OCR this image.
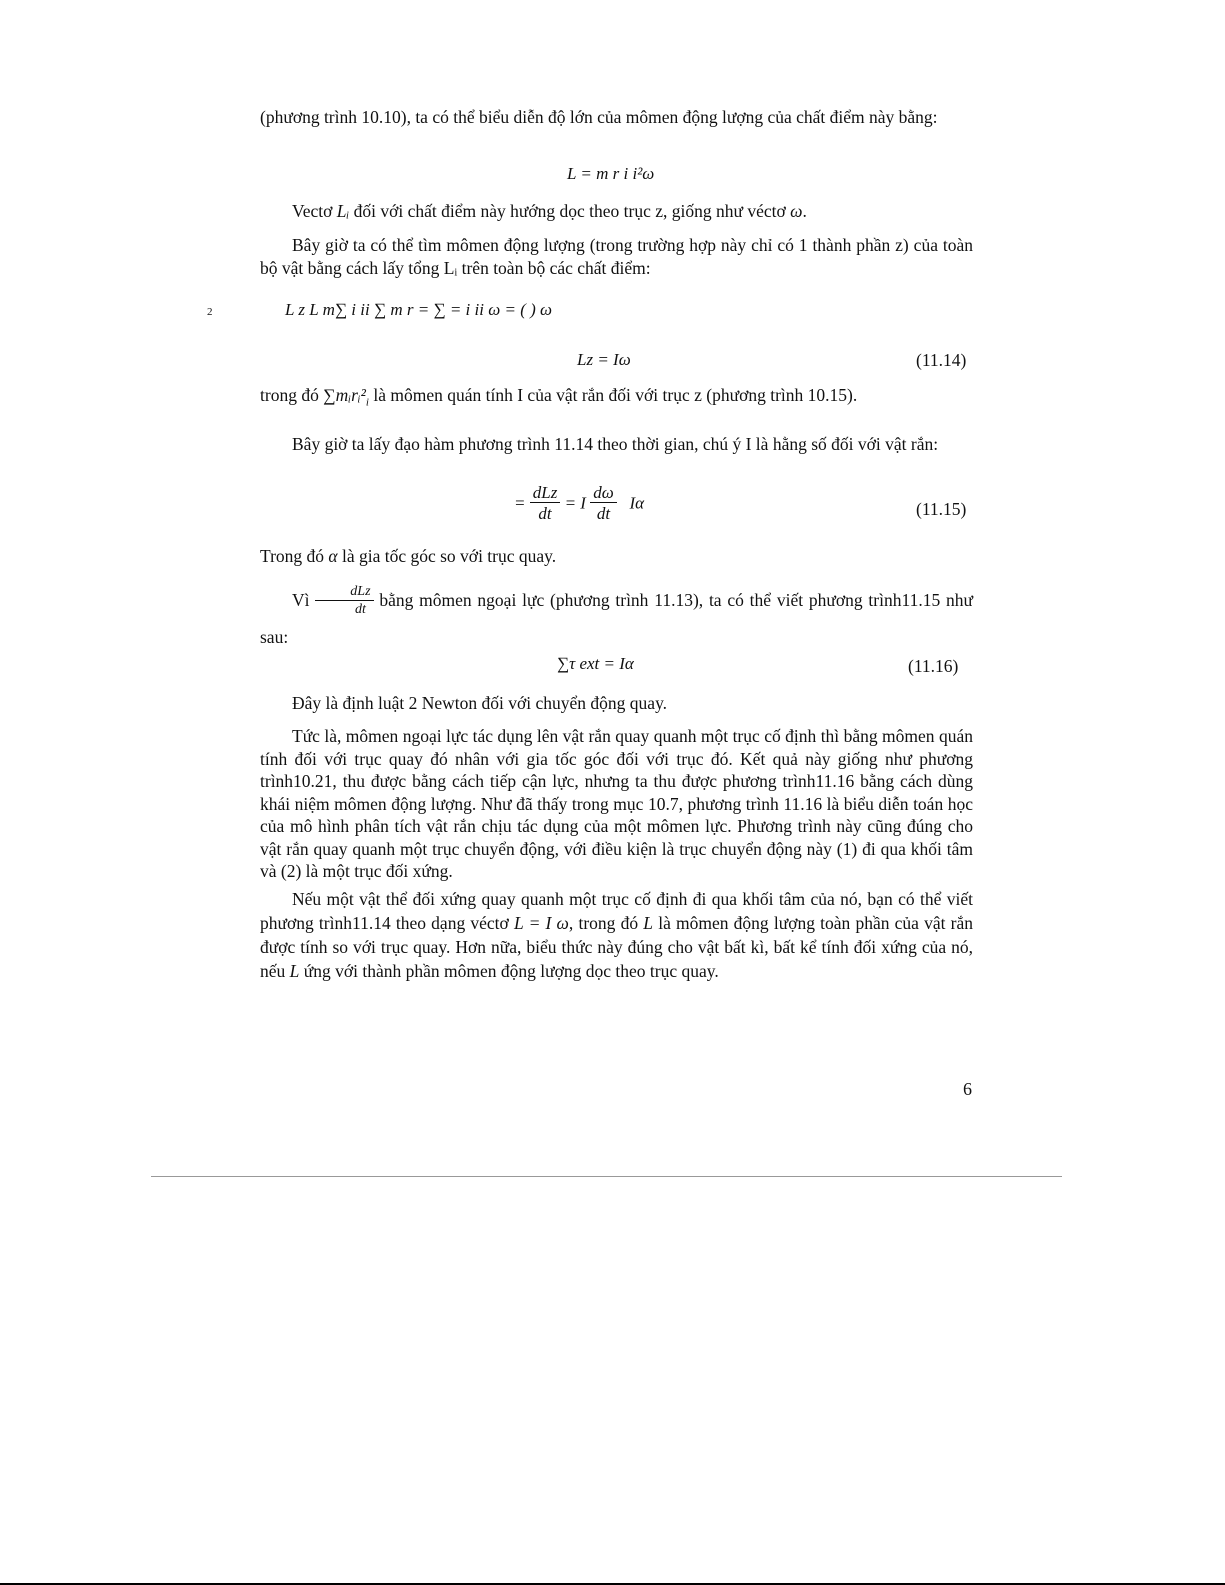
(phương trình 10.10), ta có thể biểu diễn độ lớn của mômen động lượng của chất điểm này bằng:

L = m r i i²ω

Vectơ Lᵢ đối với chất điểm này hướng dọc theo trục z, giống như véctơ ω.

Bây giờ ta có thể tìm mômen động lượng (trong trường hợp này chỉ có 1 thành phần z) của toàn bộ vật bằng cách lấy tổng Lᵢ trên toàn bộ các chất điểm:

2	L z L m∑ i ii ∑ m r = ∑ = i ii ω = ( ) ω
Lz = Iω	(11.14)

trong đó $\sum mᵢrᵢ^2_i$ là mômen quán tính I của vật rắn đối với trục z (phương trình 10.15).

Bây giờ ta lấy đạo hàm phương trình 11.14 theo thời gian, chú ý I là hằng số đối với vật rắn:

= $\frac{\text{dLz}}{dt} = I \frac{d\omega}{dt}$ Iα	(11.15)

Trong đó α là gia tốc góc so với trục quay.

Vì $\frac{\text{dLz}}{dt}$ bằng mômen ngoại lực (phương trình 11.13), ta có thể viết phương trình11.15 như sau:

∑τ ext = Iα	(11.16)

Đây là định luật 2 Newton đối với chuyển động quay.

Tức là, mômen ngoại lực tác dụng lên vật rắn quay quanh một trục cố định thì bằng mômen quán tính đối với trục quay đó nhân với gia tốc góc đối với trục đó. Kết quả này giống như phương trình10.21, thu được bằng cách tiếp cận lực, nhưng ta thu được phương trình11.16 bằng cách dùng khái niệm mômen động lượng. Như đã thấy trong mục 10.7, phương trình 11.16 là biểu diễn toán học của mô hình phân tích vật rắn chịu tác dụng của một mômen lực. Phương trình này cũng đúng cho vật rắn quay quanh một trục chuyển động, với điều kiện là trục chuyển động này (1) đi qua khối tâm và (2) là một trục đối xứng.

Nếu một vật thể đối xứng quay quanh một trục cố định đi qua khối tâm của nó, bạn có thể viết phương trình11.14 theo dạng véctơ L = I ω, trong đó L là mômen động lượng toàn phần của vật rắn được tính so với trục quay. Hơn nữa, biểu thức này đúng cho vật bất kì, bất kể tính đối xứng của nó, nếu L ứng với thành phần mômen động lượng dọc theo trục quay.

6
